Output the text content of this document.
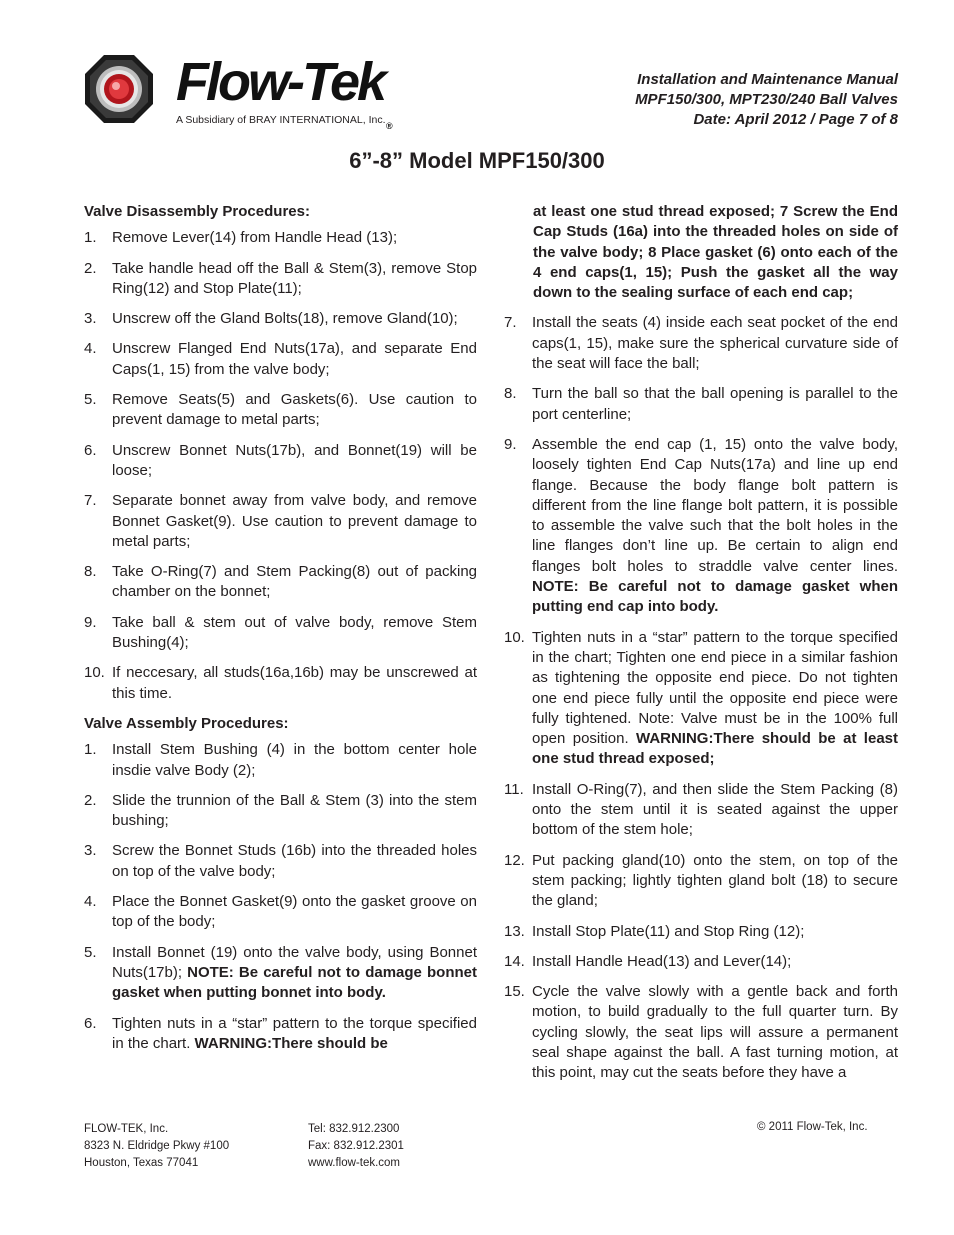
Flow-Tek®
A Subsidiary of BRAY INTERNATIONAL, Inc.
Installation and Maintenance Manual
MPF150/300, MPT230/240 Ball Valves
Date: April 2012 / Page 7 of 8
6”-8” Model MPF150/300
Valve Disassembly Procedures:
1.	Remove Lever(14) from Handle Head (13);
2.	Take handle head off the Ball & Stem(3), remove Stop Ring(12) and Stop Plate(11);
3.	Unscrew off the Gland Bolts(18), remove Gland(10);
4.	Unscrew Flanged End Nuts(17a), and separate End Caps(1, 15) from the valve body;
5.	Remove Seats(5) and Gaskets(6). Use caution to prevent damage to metal parts;
6.	Unscrew Bonnet Nuts(17b), and Bonnet(19) will be loose;
7.	Separate bonnet away from valve body, and remove Bonnet Gasket(9). Use caution to prevent damage to metal parts;
8.	Take O-Ring(7) and Stem Packing(8) out of packing chamber on the bonnet;
9.	Take ball & stem out of valve body, remove Stem Bushing(4);
10. If neccesary, all studs(16a,16b) may be unscrewed at this time.
Valve Assembly Procedures:
1.	Install Stem Bushing (4) in the bottom center hole insdie valve Body (2);
2.	Slide the trunnion of the Ball & Stem (3) into the stem bushing;
3.	Screw the Bonnet Studs (16b) into the threaded holes on top of the valve body;
4.	Place the Bonnet Gasket(9) onto the gasket groove on top of the body;
5.	Install Bonnet (19) onto the valve body, using Bonnet Nuts(17b); NOTE: Be careful not to damage bonnet gasket when putting bonnet into body.
6.	Tighten nuts in a “star” pattern to the torque specified in the chart. WARNING:There should be
at least one stud thread exposed; 7 Screw the End Cap Studs (16a) into the threaded holes on side of the valve body; 8 Place gasket (6) onto each of the 4 end caps(1, 15); Push the gasket all the way down to the sealing surface of each end cap;
7.	Install the seats (4) inside each seat pocket of the end caps(1, 15), make sure the spherical curvature side of the seat will face the ball;
8.	Turn the ball so that the ball opening is parallel to the port centerline;
9.	Assemble the end cap (1, 15) onto the valve body, loosely tighten End Cap Nuts(17a) and line up end flange. Because the body flange bolt pattern is different from the line flange bolt pattern, it is possible to assemble the valve such that the bolt holes in the line flanges don’t line up. Be certain to align end flanges bolt holes to straddle valve center lines. NOTE: Be careful not to damage gasket when putting end cap into body.
10. Tighten nuts in a “star” pattern to the torque specified in the chart; Tighten one end piece in a similar fashion as tightening the opposite end piece. Do not tighten one end piece fully until the opposite end piece were fully tightened. Note: Valve must be in the 100% full open position. WARNING:There should be at least one stud thread exposed;
11. Install O-Ring(7), and then slide the Stem Packing (8) onto the stem until it is seated against the upper bottom of the stem hole;
12. Put packing gland(10) onto the stem, on top of the stem packing; lightly tighten gland bolt (18) to secure the gland;
13. Install Stop Plate(11) and Stop Ring (12);
14. Install Handle Head(13) and Lever(14);
15. Cycle the valve slowly with a gentle back and forth motion, to build gradually to the full quarter turn. By cycling slowly, the seat lips will assure a permanent seal shape against the ball. A fast turning motion, at this point, may cut the seats before they have a
FLOW-TEK, Inc.
8323 N. Eldridge Pkwy #100
Houston, Texas 77041
Tel: 832.912.2300
Fax: 832.912.2301
www.flow-tek.com
© 2011 Flow-Tek, Inc.
